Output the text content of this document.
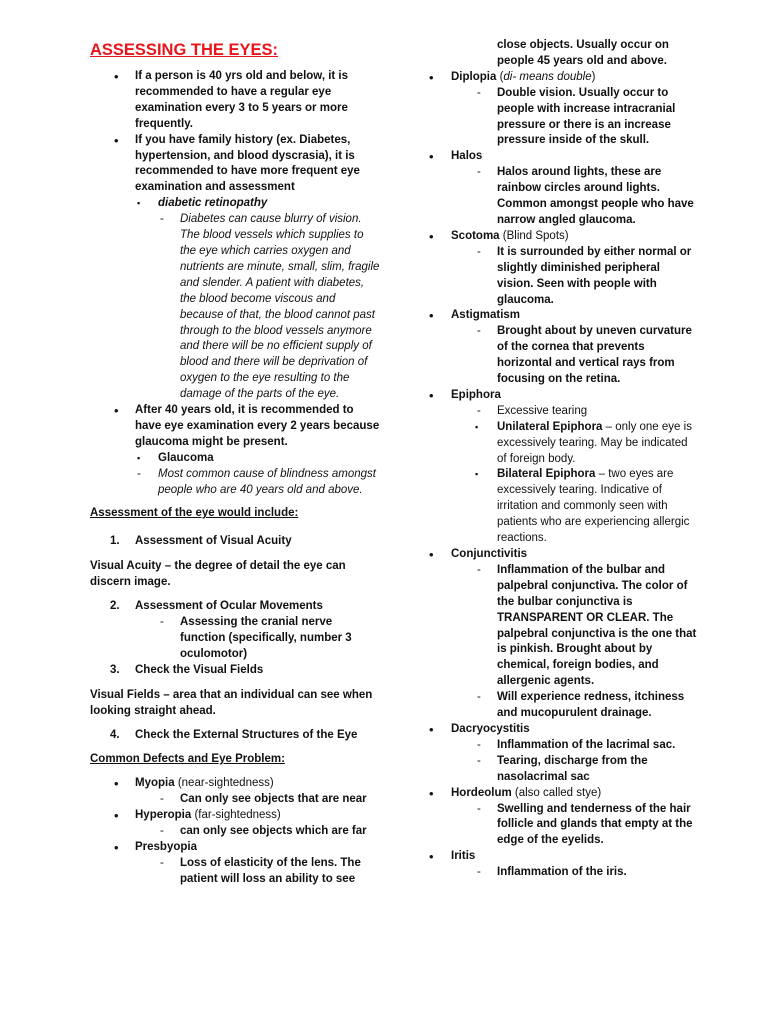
ASSESSING THE EYES:
• If a person is 40 yrs old and below, it is recommended to have a regular eye examination every 3 to 5 years or more frequently.
• If you have family history (ex. Diabetes, hypertension, and blood dyscrasia), it is recommended to have more frequent eye examination and assessment
▪ diabetic retinopathy
- Diabetes can cause blurry of vision. The blood vessels which supplies to the eye which carries oxygen and nutrients are minute, small, slim, fragile and slender. A patient with diabetes, the blood become viscous and because of that, the blood cannot past through to the blood vessels anymore and there will be no efficient supply of blood and there will be deprivation of oxygen to the eye resulting to the damage of the parts of the eye.
• After 40 years old, it is recommended to have eye examination every 2 years because glaucoma might be present.
▪ Glaucoma
- Most common cause of blindness amongst people who are 40 years old and above.
Assessment of the eye would include:
1. Assessment of Visual Acuity
Visual Acuity – the degree of detail the eye can discern image.
2. Assessment of Ocular Movements
- Assessing the cranial nerve function (specifically, number 3 oculomotor)
3. Check the Visual Fields
Visual Fields – area that an individual can see when looking straight ahead.
4. Check the External Structures of the Eye
Common Defects and Eye Problem:
• Myopia (near-sightedness)
- Can only see objects that are near
• Hyperopia (far-sightedness)
- can only see objects which are far
• Presbyopia
- Loss of elasticity of the lens. The patient will loss an ability to see
close objects. Usually occur on people 45 years old and above.
• Diplopia (di- means double)
- Double vision. Usually occur to people with increase intracranial pressure or there is an increase pressure inside of the skull.
• Halos
- Halos around lights, these are rainbow circles around lights. Common amongst people who have narrow angled glaucoma.
• Scotoma (Blind Spots)
- It is surrounded by either normal or slightly diminished peripheral vision. Seen with people with glaucoma.
• Astigmatism
- Brought about by uneven curvature of the cornea that prevents horizontal and vertical rays from focusing on the retina.
• Epiphora
- Excessive tearing
▪ Unilateral Epiphora – only one eye is excessively tearing. May be indicated of foreign body.
▪ Bilateral Epiphora – two eyes are excessively tearing. Indicative of irritation and commonly seen with patients who are experiencing allergic reactions.
• Conjunctivitis
- Inflammation of the bulbar and palpebral conjunctiva. The color of the bulbar conjunctiva is TRANSPARENT OR CLEAR. The palpebral conjunctiva is the one that is pinkish. Brought about by chemical, foreign bodies, and allergenic agents.
- Will experience redness, itchiness and mucopurulent drainage.
• Dacryocystitis
- Inflammation of the lacrimal sac.
- Tearing, discharge from the nasolacrimal sac
• Hordeolum (also called stye)
- Swelling and tenderness of the hair follicle and glands that empty at the edge of the eyelids.
• Iritis
- Inflammation of the iris.
